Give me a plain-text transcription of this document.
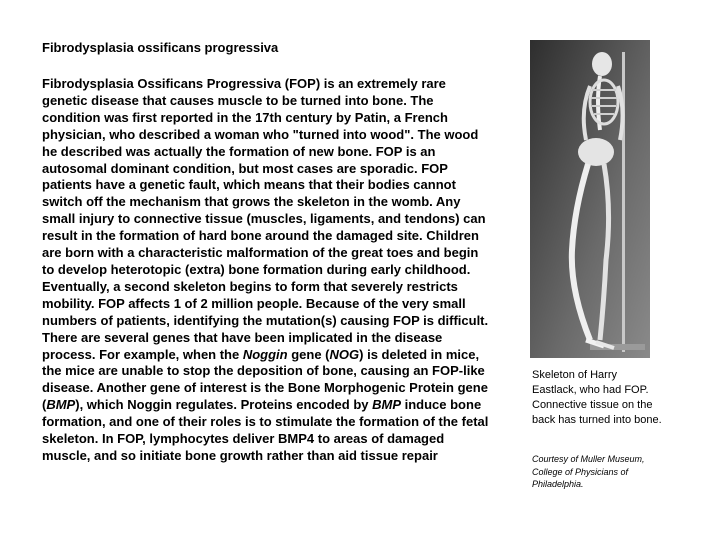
Fibrodysplasia ossificans progressiva
Fibrodysplasia Ossificans Progressiva (FOP) is an extremely rare genetic disease that causes muscle to be turned into bone. The condition was first reported in the 17th century by Patin, a French physician, who described a woman who "turned into wood". The wood he described was actually the formation of new bone. FOP is an autosomal dominant condition, but most cases are sporadic. FOP patients have a genetic fault, which means that their bodies cannot switch off the mechanism that grows the skeleton in the womb. Any small injury to connective tissue (muscles, ligaments, and tendons) can result in the formation of hard bone around the damaged site. Children are born with a characteristic malformation of the great toes and begin to develop heterotopic (extra) bone formation during early childhood. Eventually, a second skeleton begins to form that severely restricts mobility. FOP affects 1 of 2 million people. Because of the very small numbers of patients, identifying the mutation(s) causing FOP is difficult. There are several genes that have been implicated in the disease process. For example, when the Noggin gene (NOG) is deleted in mice, the mice are unable to stop the deposition of bone, causing an FOP-like disease. Another gene of interest is the Bone Morphogenic Protein gene (BMP), which Noggin regulates. Proteins encoded by BMP induce bone formation, and one of their roles is to stimulate the formation of the fetal skeleton. In FOP, lymphocytes deliver BMP4 to areas of damaged muscle, and so initiate bone growth rather than aid tissue repair
Skeleton of Harry Eastlack, who had FOP. Connective tissue on the back has turned into bone.
Courtesy of Muller Museum, College of Physicians of Philadelphia.
